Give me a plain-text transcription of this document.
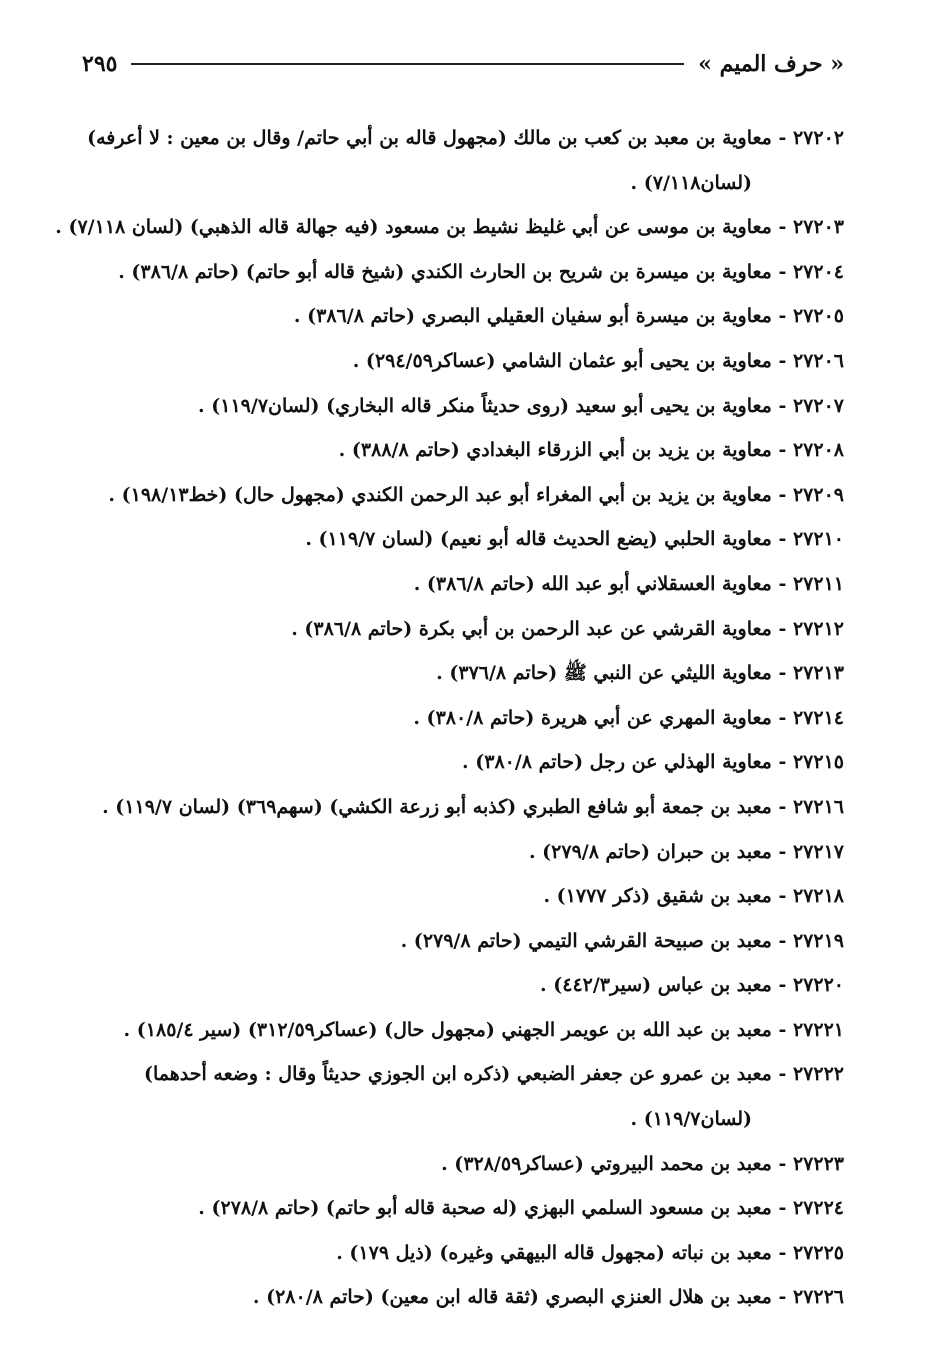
« حرف الميم »
٢٩٥
٢٧٢٠٢ - معاوية بن معبد بن كعب بن مالك (مجهول قاله بن أبي حاتم/ وقال بن معين : لا أعرفه)
(لسان٧/١١٨) .
٢٧٢٠٣ - معاوية بن موسى عن أبي غليظ نشيط بن مسعود (فيه جهالة قاله الذهبي) (لسان ٧/١١٨) .
٢٧٢٠٤ - معاوية بن ميسرة بن شريح بن الحارث الكندي (شيخ قاله أبو حاتم) (حاتم ٣٨٦/٨) .
٢٧٢٠٥ - معاوية بن ميسرة أبو سفيان العقيلي البصري (حاتم ٣٨٦/٨) .
٢٧٢٠٦ - معاوية بن يحيى أبو عثمان الشامي (عساكر٢٩٤/٥٩) .
٢٧٢٠٧ - معاوية بن يحيى أبو سعيد (روى حديثاً منكر قاله البخاري) (لسان١١٩/٧) .
٢٧٢٠٨ - معاوية بن يزيد بن أبي الزرقاء البغدادي (حاتم ٣٨٨/٨) .
٢٧٢٠٩ - معاوية بن يزيد بن أبي المغراء أبو عبد الرحمن الكندي (مجهول حال) (خط١٩٨/١٣) .
٢٧٢١٠ - معاوية الحلبي (يضع الحديث قاله أبو نعيم) (لسان ١١٩/٧) .
٢٧٢١١ - معاوية العسقلاني أبو عبد الله (حاتم ٣٨٦/٨) .
٢٧٢١٢ - معاوية القرشي عن عبد الرحمن بن أبي بكرة (حاتم ٣٨٦/٨) .
٢٧٢١٣ - معاوية الليثي عن النبي ﷺ (حاتم ٣٧٦/٨) .
٢٧٢١٤ - معاوية المهري عن أبي هريرة (حاتم ٣٨٠/٨) .
٢٧٢١٥ - معاوية الهذلي عن رجل (حاتم ٣٨٠/٨) .
٢٧٢١٦ - معبد بن جمعة أبو شافع الطبري (كذبه أبو زرعة الكشي) (سهم٣٦٩) (لسان ١١٩/٧) .
٢٧٢١٧ - معبد بن حبران (حاتم ٢٧٩/٨) .
٢٧٢١٨ - معبد بن شقيق (ذكر ١٧٧٧) .
٢٧٢١٩ - معبد بن صبيحة القرشي التيمي (حاتم ٢٧٩/٨) .
٢٧٢٢٠ - معبد بن عباس (سير٤٤٢/٣) .
٢٧٢٢١ - معبد بن عبد الله بن عويمر الجهني (مجهول حال) (عساكر٣١٢/٥٩) (سير ١٨٥/٤) .
٢٧٢٢٢ - معبد بن عمرو عن جعفر الضبعي (ذكره ابن الجوزي حديثاً وقال : وضعه أحدهما)
(لسان١١٩/٧) .
٢٧٢٢٣ - معبد بن محمد البيروتي (عساكر٣٢٨/٥٩) .
٢٧٢٢٤ - معبد بن مسعود السلمي البهزي (له صحبة قاله أبو حاتم) (حاتم ٢٧٨/٨) .
٢٧٢٢٥ - معبد بن نباته (مجهول قاله البيهقي وغيره) (ذيل ١٧٩) .
٢٧٢٢٦ - معبد بن هلال العنزي البصري (ثقة قاله ابن معين) (حاتم ٢٨٠/٨) .
